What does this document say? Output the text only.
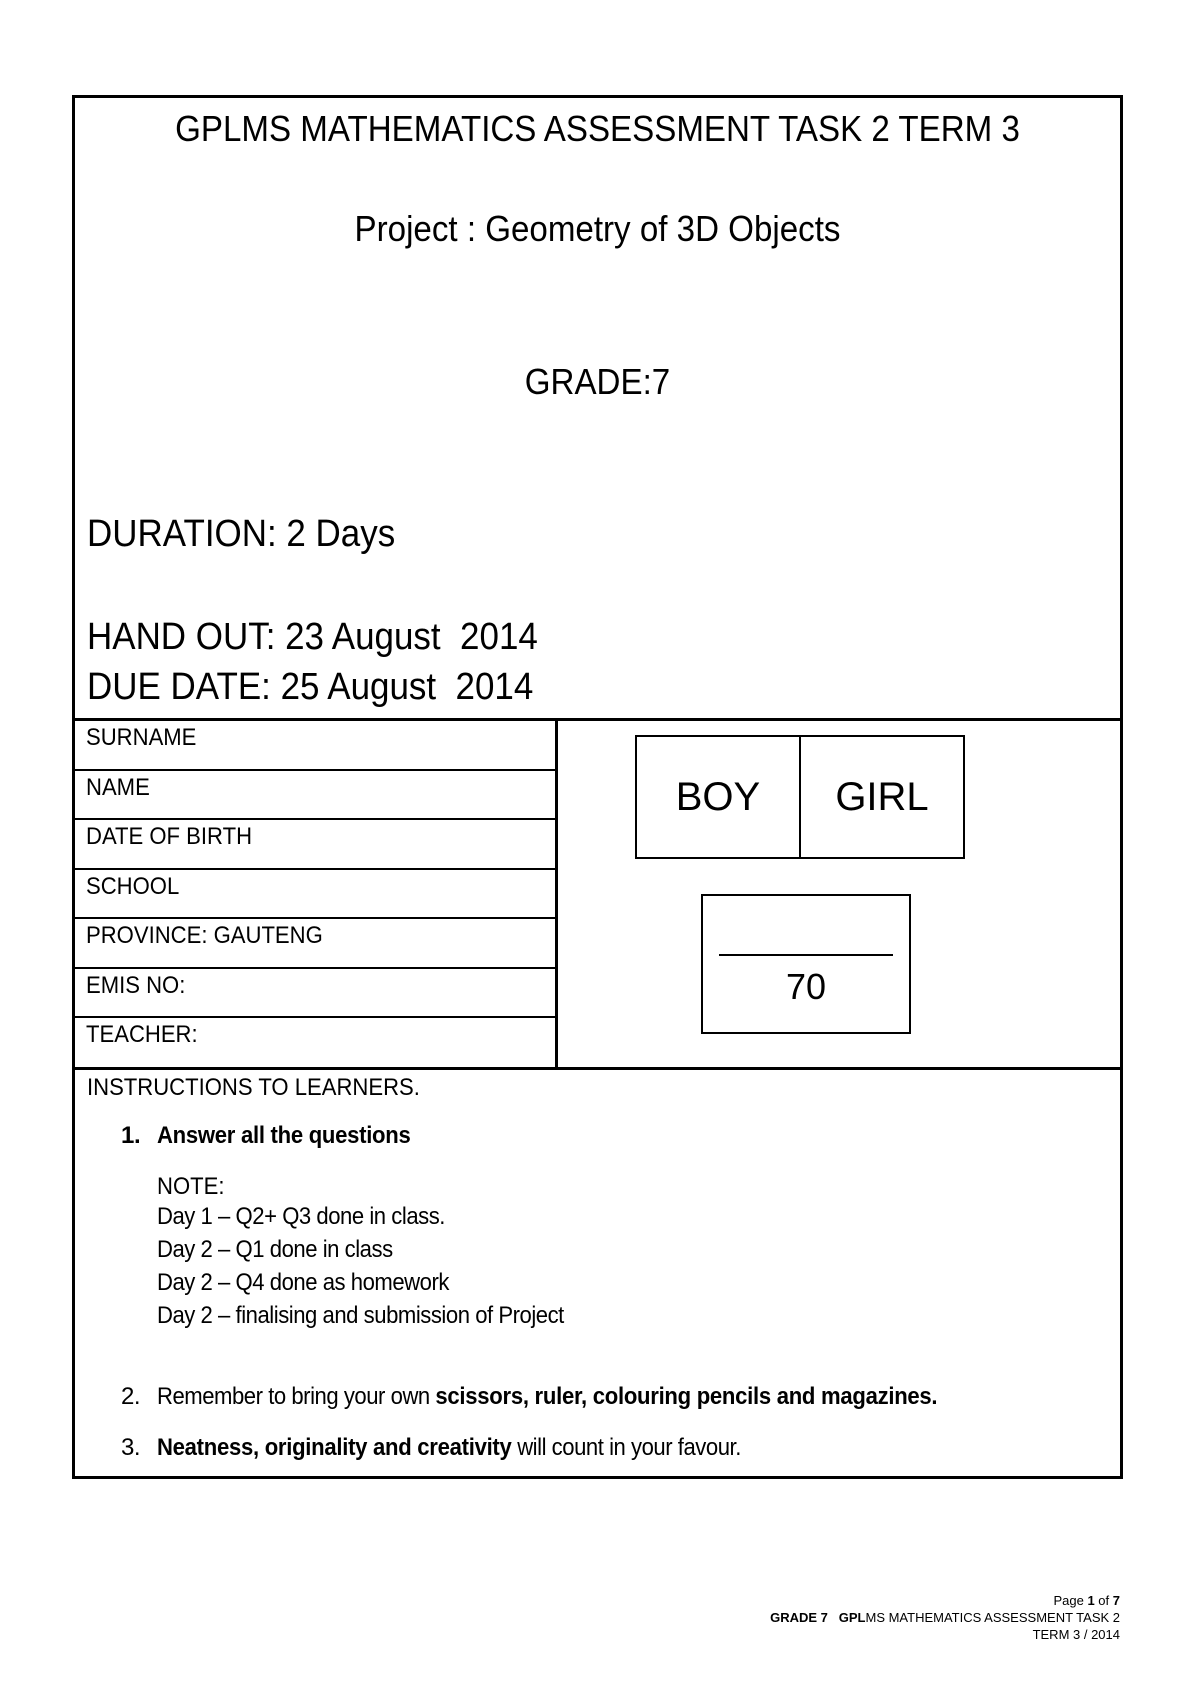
GPLMS MATHEMATICS ASSESSMENT TASK 2 TERM 3
Project : Geometry of 3D Objects
GRADE:7
DURATION: 2 Days
HAND OUT: 23 August  2014
DUE DATE: 25 August  2014
SURNAME
NAME
DATE OF BIRTH
SCHOOL
PROVINCE: GAUTENG
EMIS NO:
TEACHER:
BOY	GIRL
70
INSTRUCTIONS TO LEARNERS.
1. Answer all the questions
NOTE:
Day 1 – Q2+ Q3 done in class.
Day 2 – Q1 done in class
Day 2 – Q4 done as homework
Day 2 – finalising and submission of Project
2. Remember to bring your own scissors, ruler, colouring pencils and magazines.
3. Neatness, originality and creativity will count in your favour.
Page 1 of 7
GRADE 7 GPLMS MATHEMATICS ASSESSMENT TASK 2
TERM 3 / 2014
